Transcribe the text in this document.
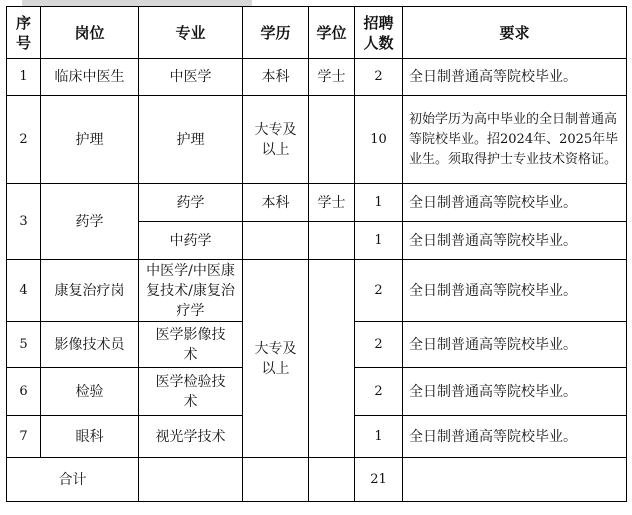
序号	岗位	专业	学历	学位	招聘人数	要求
1	临床中医生	中医学	本科	学士	2	全日制普通高等院校毕业。
2	护理	护理	大专及以上		10	初始学历为高中毕业的全日制普通高等院校毕业。招2024年、2025年毕业生。须取得护士专业技术资格证。
3	药学	药学	本科	学士	1	全日制普通高等院校毕业。
		中药学			1	全日制普通高等院校毕业。
4	康复治疗岗	中医学/中医康复技术/康复治疗学	大专及以上		2	全日制普通高等院校毕业。
5	影像技术员	医学影像技术			2	全日制普通高等院校毕业。
6	检验	医学检验技术			2	全日制普通高等院校毕业。
7	眼科	视光学技术			1	全日制普通高等院校毕业。
合计					21	
